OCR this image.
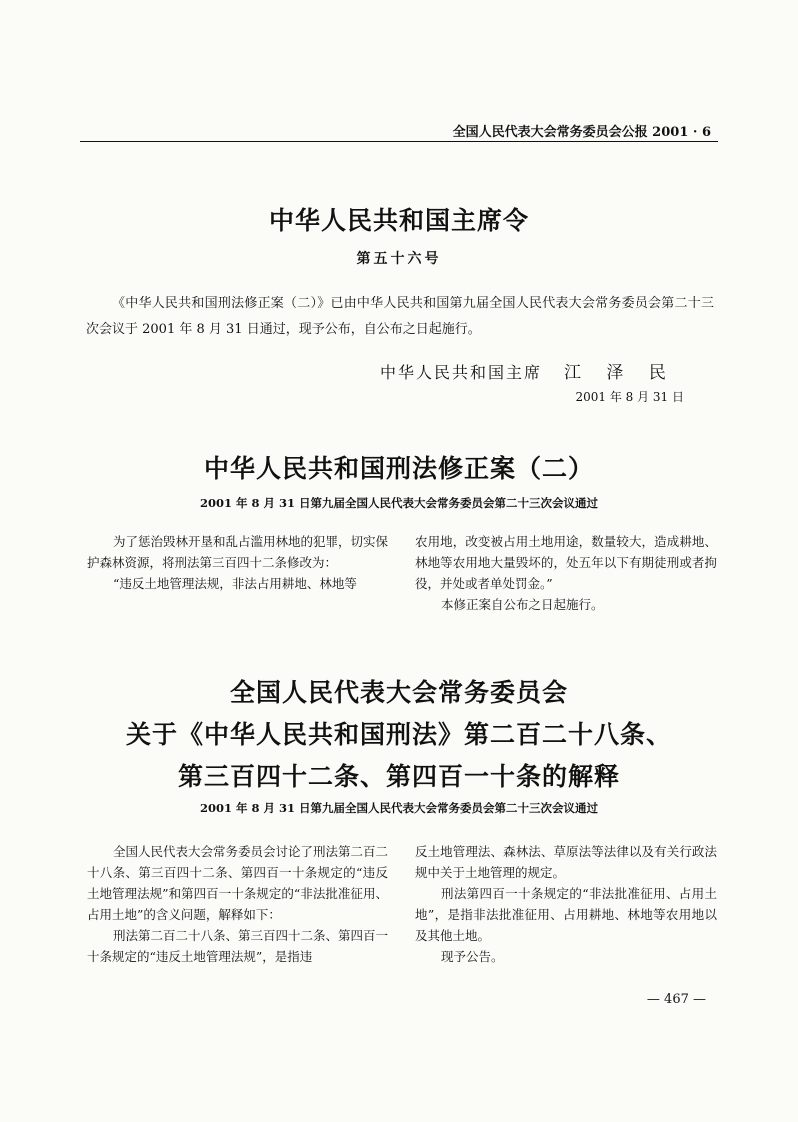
全国人民代表大会常务委员会公报 2001 · 6
中华人民共和国主席令
第五十六号
《中华人民共和国刑法修正案（二）》已由中华人民共和国第九届全国人民代表大会常务委员会第二十三次会议于 2001 年 8 月 31 日通过，现予公布，自公布之日起施行。
中华人民共和国主席 江 泽 民
2001 年 8 月 31 日
中华人民共和国刑法修正案（二）
2001 年 8 月 31 日第九届全国人民代表大会常务委员会第二十三次会议通过

为了惩治毁林开垦和乱占滥用林地的犯罪，切实保护森林资源，将刑法第三百四十二条修改为：

“违反土地管理法规，非法占用耕地、林地等

农用地，改变被占用土地用途，数量较大，造成耕地、林地等农用地大量毁坏的，处五年以下有期徒刑或者拘役，并处或者单处罚金。”

本修正案自公布之日起施行。

全国人民代表大会常务委员会
关于《中华人民共和国刑法》第二百二十八条、
第三百四十二条、第四百一十条的解释
2001 年 8 月 31 日第九届全国人民代表大会常务委员会第二十三次会议通过

全国人民代表大会常务委员会讨论了刑法第二百二十八条、第三百四十二条、第四百一十条规定的“违反土地管理法规”和第四百一十条规定的“非法批准征用、占用土地”的含义问题，解释如下：

刑法第二百二十八条、第三百四十二条、第四百一十条规定的“违反土地管理法规”，是指违

反土地管理法、森林法、草原法等法律以及有关行政法规中关于土地管理的规定。

刑法第四百一十条规定的“非法批准征用、占用土地”，是指非法批准征用、占用耕地、林地等农用地以及其他土地。

现予公告。

— 467 —
